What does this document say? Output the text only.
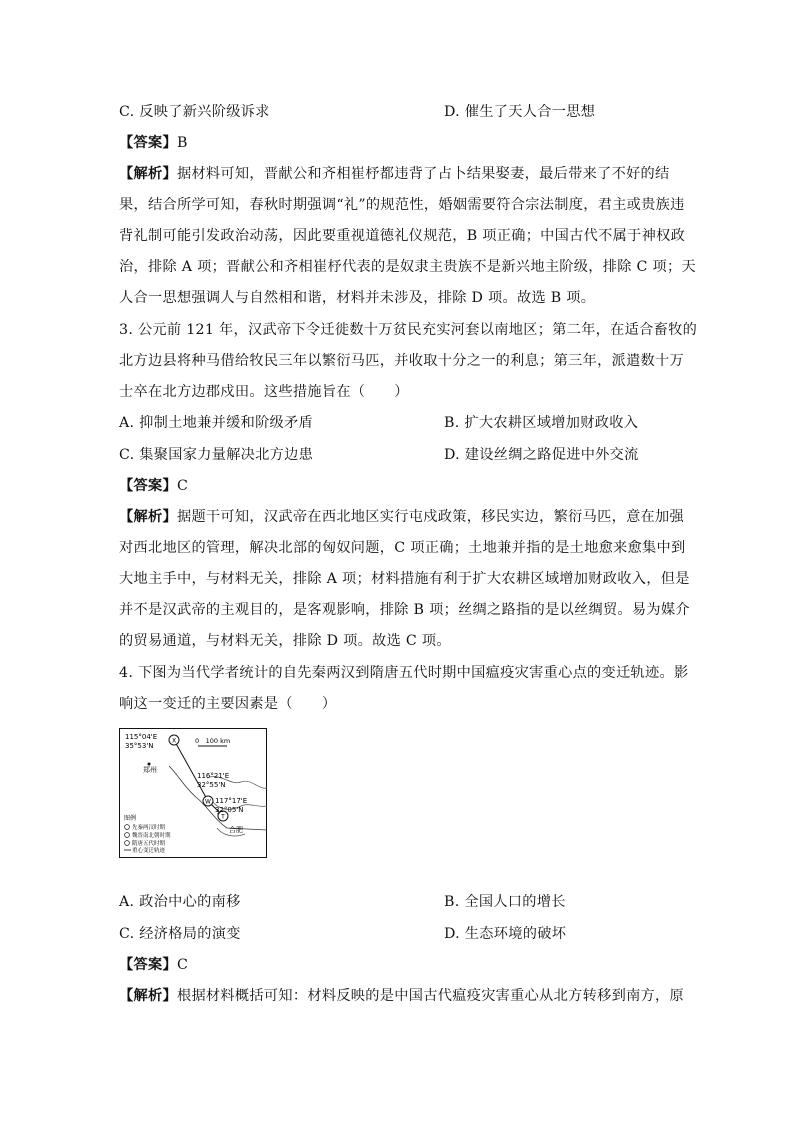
C. 反映了新兴阶级诉求	D. 催生了天人合一思想
【答案】B
【解析】据材料可知，晋献公和齐相崔杼都违背了占卜结果娶妻，最后带来了不好的结
果，结合所学可知，春秋时期强调“礼”的规范性，婚姻需要符合宗法制度，君主或贵族违
背礼制可能引发政治动荡，因此要重视道德礼仪规范，B 项正确；中国古代不属于神权政
治，排除 A 项；晋献公和齐相崔杼代表的是奴隶主贵族不是新兴地主阶级，排除 C 项；天
人合一思想强调人与自然相和谐，材料并未涉及，排除 D 项。故选 B 项。
3. 公元前 121 年，汉武帝下令迁徙数十万贫民充实河套以南地区；第二年，在适合畜牧的
北方边县将种马借给牧民三年以繁衍马匹，并收取十分之一的利息；第三年，派遣数十万
士卒在北方边郡戍田。这些措施旨在（　　）
A. 抑制土地兼并缓和阶级矛盾	B. 扩大农耕区域增加财政收入
C. 集聚国家力量解决北方边患	D. 建设丝绸之路促进中外交流
【答案】C
【解析】据题干可知，汉武帝在西北地区实行屯戍政策，移民实边，繁衍马匹，意在加强
对西北地区的管理，解决北部的匈奴问题，C 项正确；土地兼并指的是土地愈来愈集中到
大地主手中，与材料无关，排除 A 项；材料措施有利于扩大农耕区域增加财政收入，但是
并不是汉武帝的主观目的，是客观影响，排除 B 项；丝绸之路指的是以丝绸贸。易为媒介
的贸易通道，与材料无关，排除 D 项。故选 C 项。
4. 下图为当代学者统计的自先秦两汉到隋唐五代时期中国瘟疫灾害重心点的变迁轨迹。影
响这一变迁的主要因素是（　　）
X
W
T
115°04'E
35°53'N
0　100 km
郑州
116°21'E
32°55'N
117°17'E
32°05'N
合肥
图例
先秦两汉时期
魏晋南北朝时期
隋唐五代时期
重心变迁轨迹
A. 政治中心的南移	B. 全国人口的增长
C. 经济格局的演变	D. 生态环境的破坏
【答案】C
【解析】根据材料概括可知：材料反映的是中国古代瘟疫灾害重心从北方转移到南方，原
